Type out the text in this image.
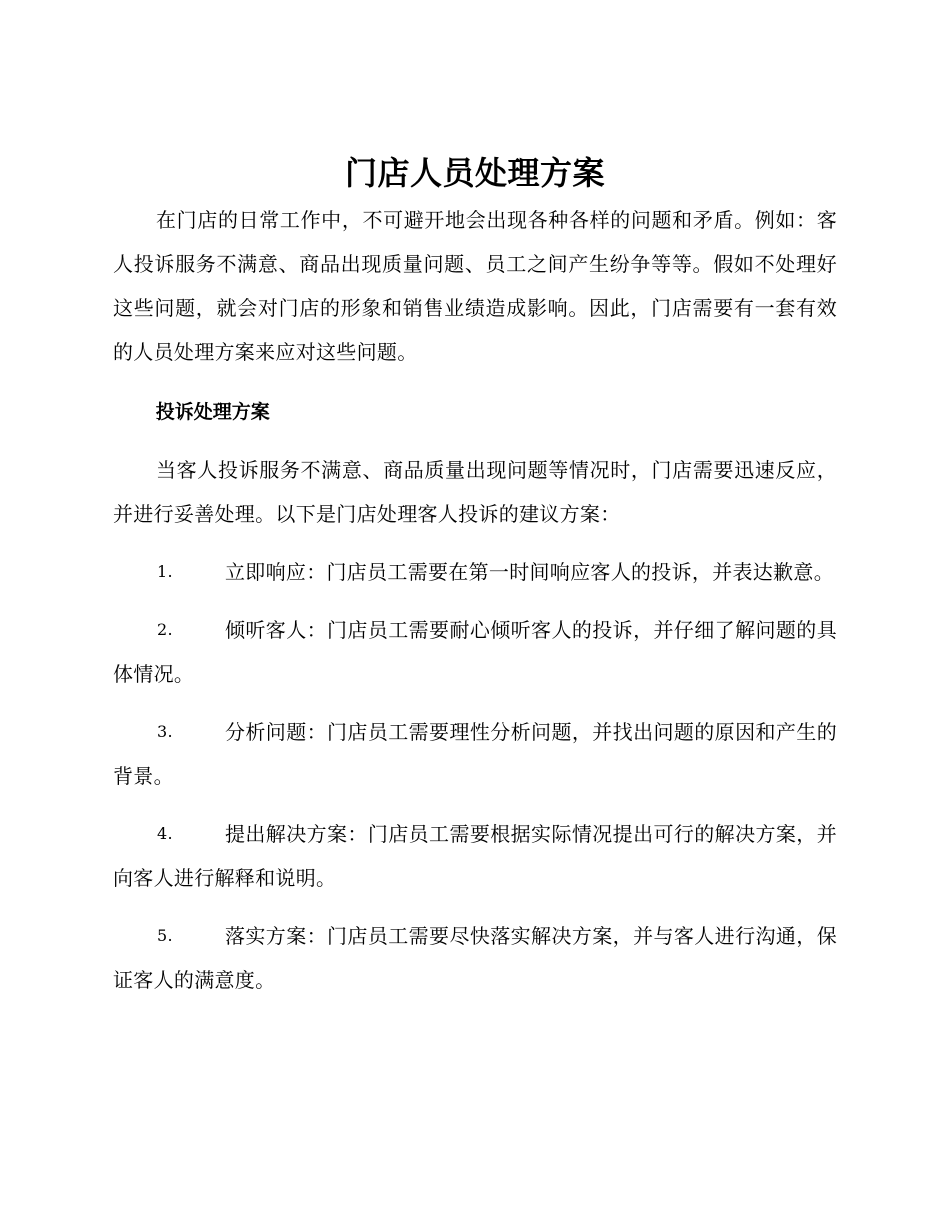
门店人员处理方案

在门店的日常工作中，不可避开地会出现各种各样的问题和矛盾。例如：客人投诉服务不满意、商品出现质量问题、员工之间产生纷争等等。假如不处理好这些问题，就会对门店的形象和销售业绩造成影响。因此，门店需要有一套有效的人员处理方案来应对这些问题。

投诉处理方案

当客人投诉服务不满意、商品质量出现问题等情况时，门店需要迅速反应，并进行妥善处理。以下是门店处理客人投诉的建议方案：

1.	立即响应：门店员工需要在第一时间响应客人的投诉，并表达歉意。

2.	倾听客人：门店员工需要耐心倾听客人的投诉，并仔细了解问题的具体情况。

3.	分析问题：门店员工需要理性分析问题，并找出问题的原因和产生的背景。

4.	提出解决方案：门店员工需要根据实际情况提出可行的解决方案，并向客人进行解释和说明。

5.	落实方案：门店员工需要尽快落实解决方案，并与客人进行沟通，保证客人的满意度。
